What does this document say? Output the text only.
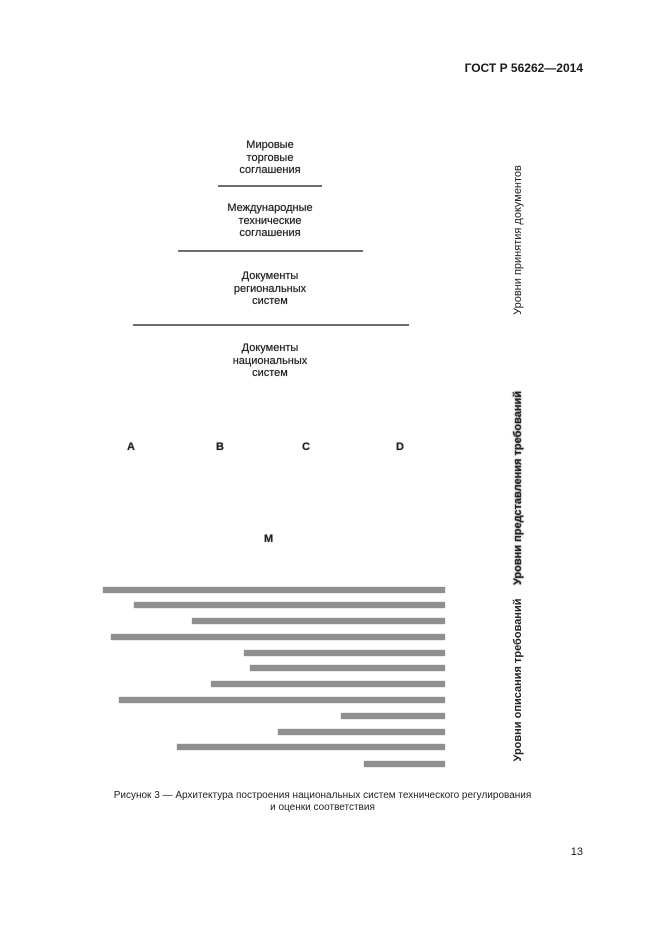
ГОСТ Р 56262—2014
Мировые
торговые
соглашения
Международные
технические
соглашения
Документы
региональных
систем
Документы
национальных
систем
A	B	C	D
M
Уровни принятия документов
Уровни представления требований
Уровни описания требований
Рисунок 3 — Архитектура построения национальных систем технического регулирования
и оценки соответствия
13
